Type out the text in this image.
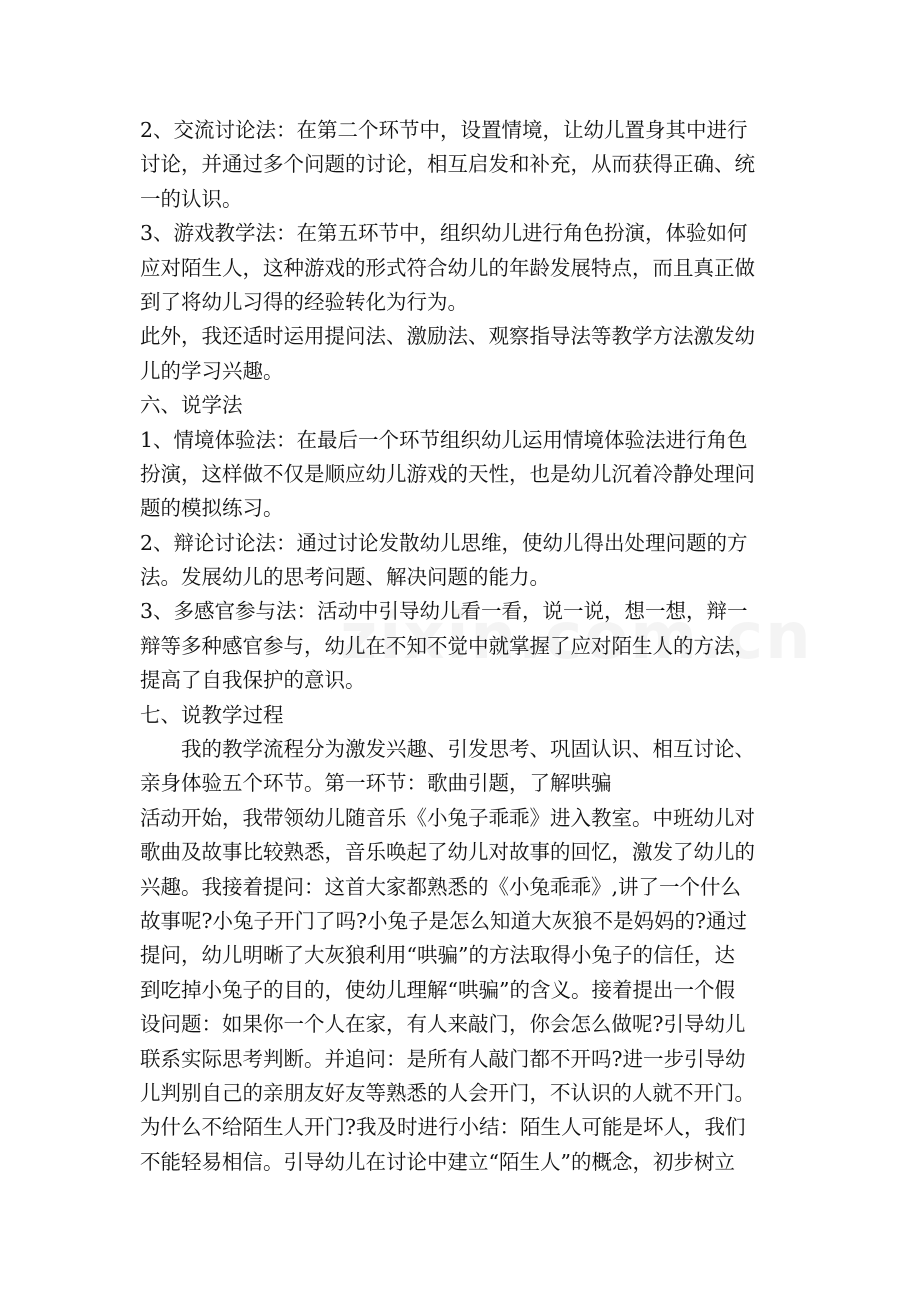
2、交流讨论法：在第二个环节中，设置情境，让幼儿置身其中进行
讨论，并通过多个问题的讨论，相互启发和补充，从而获得正确、统
一的认识。
3、游戏教学法：在第五环节中，组织幼儿进行角色扮演，体验如何
应对陌生人，这种游戏的形式符合幼儿的年龄发展特点，而且真正做
到了将幼儿习得的经验转化为行为。
此外，我还适时运用提问法、激励法、观察指导法等教学方法激发幼
儿的学习兴趣。
六、说学法
1、情境体验法：在最后一个环节组织幼儿运用情境体验法进行角色
扮演，这样做不仅是顺应幼儿游戏的天性，也是幼儿沉着冷静处理问
题的模拟练习。
2、辩论讨论法：通过讨论发散幼儿思维，使幼儿得出处理问题的方
法。发展幼儿的思考问题、解决问题的能力。
3、多感官参与法：活动中引导幼儿看一看，说一说，想一想，辩一
辩等多种感官参与，幼儿在不知不觉中就掌握了应对陌生人的方法，
提高了自我保护的意识。
七、说教学过程
我的教学流程分为激发兴趣、引发思考、巩固认识、相互讨论、
亲身体验五个环节。第一环节：歌曲引题，了解哄骗
活动开始，我带领幼儿随音乐《小兔子乖乖》进入教室。中班幼儿对
歌曲及故事比较熟悉，音乐唤起了幼儿对故事的回忆，激发了幼儿的
兴趣。我接着提问：这首大家都熟悉的《小兔乖乖》,讲了一个什么
故事呢?小兔子开门了吗?小兔子是怎么知道大灰狼不是妈妈的?通过
提问，幼儿明晰了大灰狼利用“哄骗”的方法取得小兔子的信任，达
到吃掉小兔子的目的，使幼儿理解“哄骗”的含义。接着提出一个假
设问题：如果你一个人在家，有人来敲门，你会怎么做呢?引导幼儿
联系实际思考判断。并追问：是所有人敲门都不开吗?进一步引导幼
儿判别自己的亲朋友好友等熟悉的人会开门，不认识的人就不开门。
为什么不给陌生人开门?我及时进行小结：陌生人可能是坏人，我们
不能轻易相信。引导幼儿在讨论中建立“陌生人”的概念，初步树立
